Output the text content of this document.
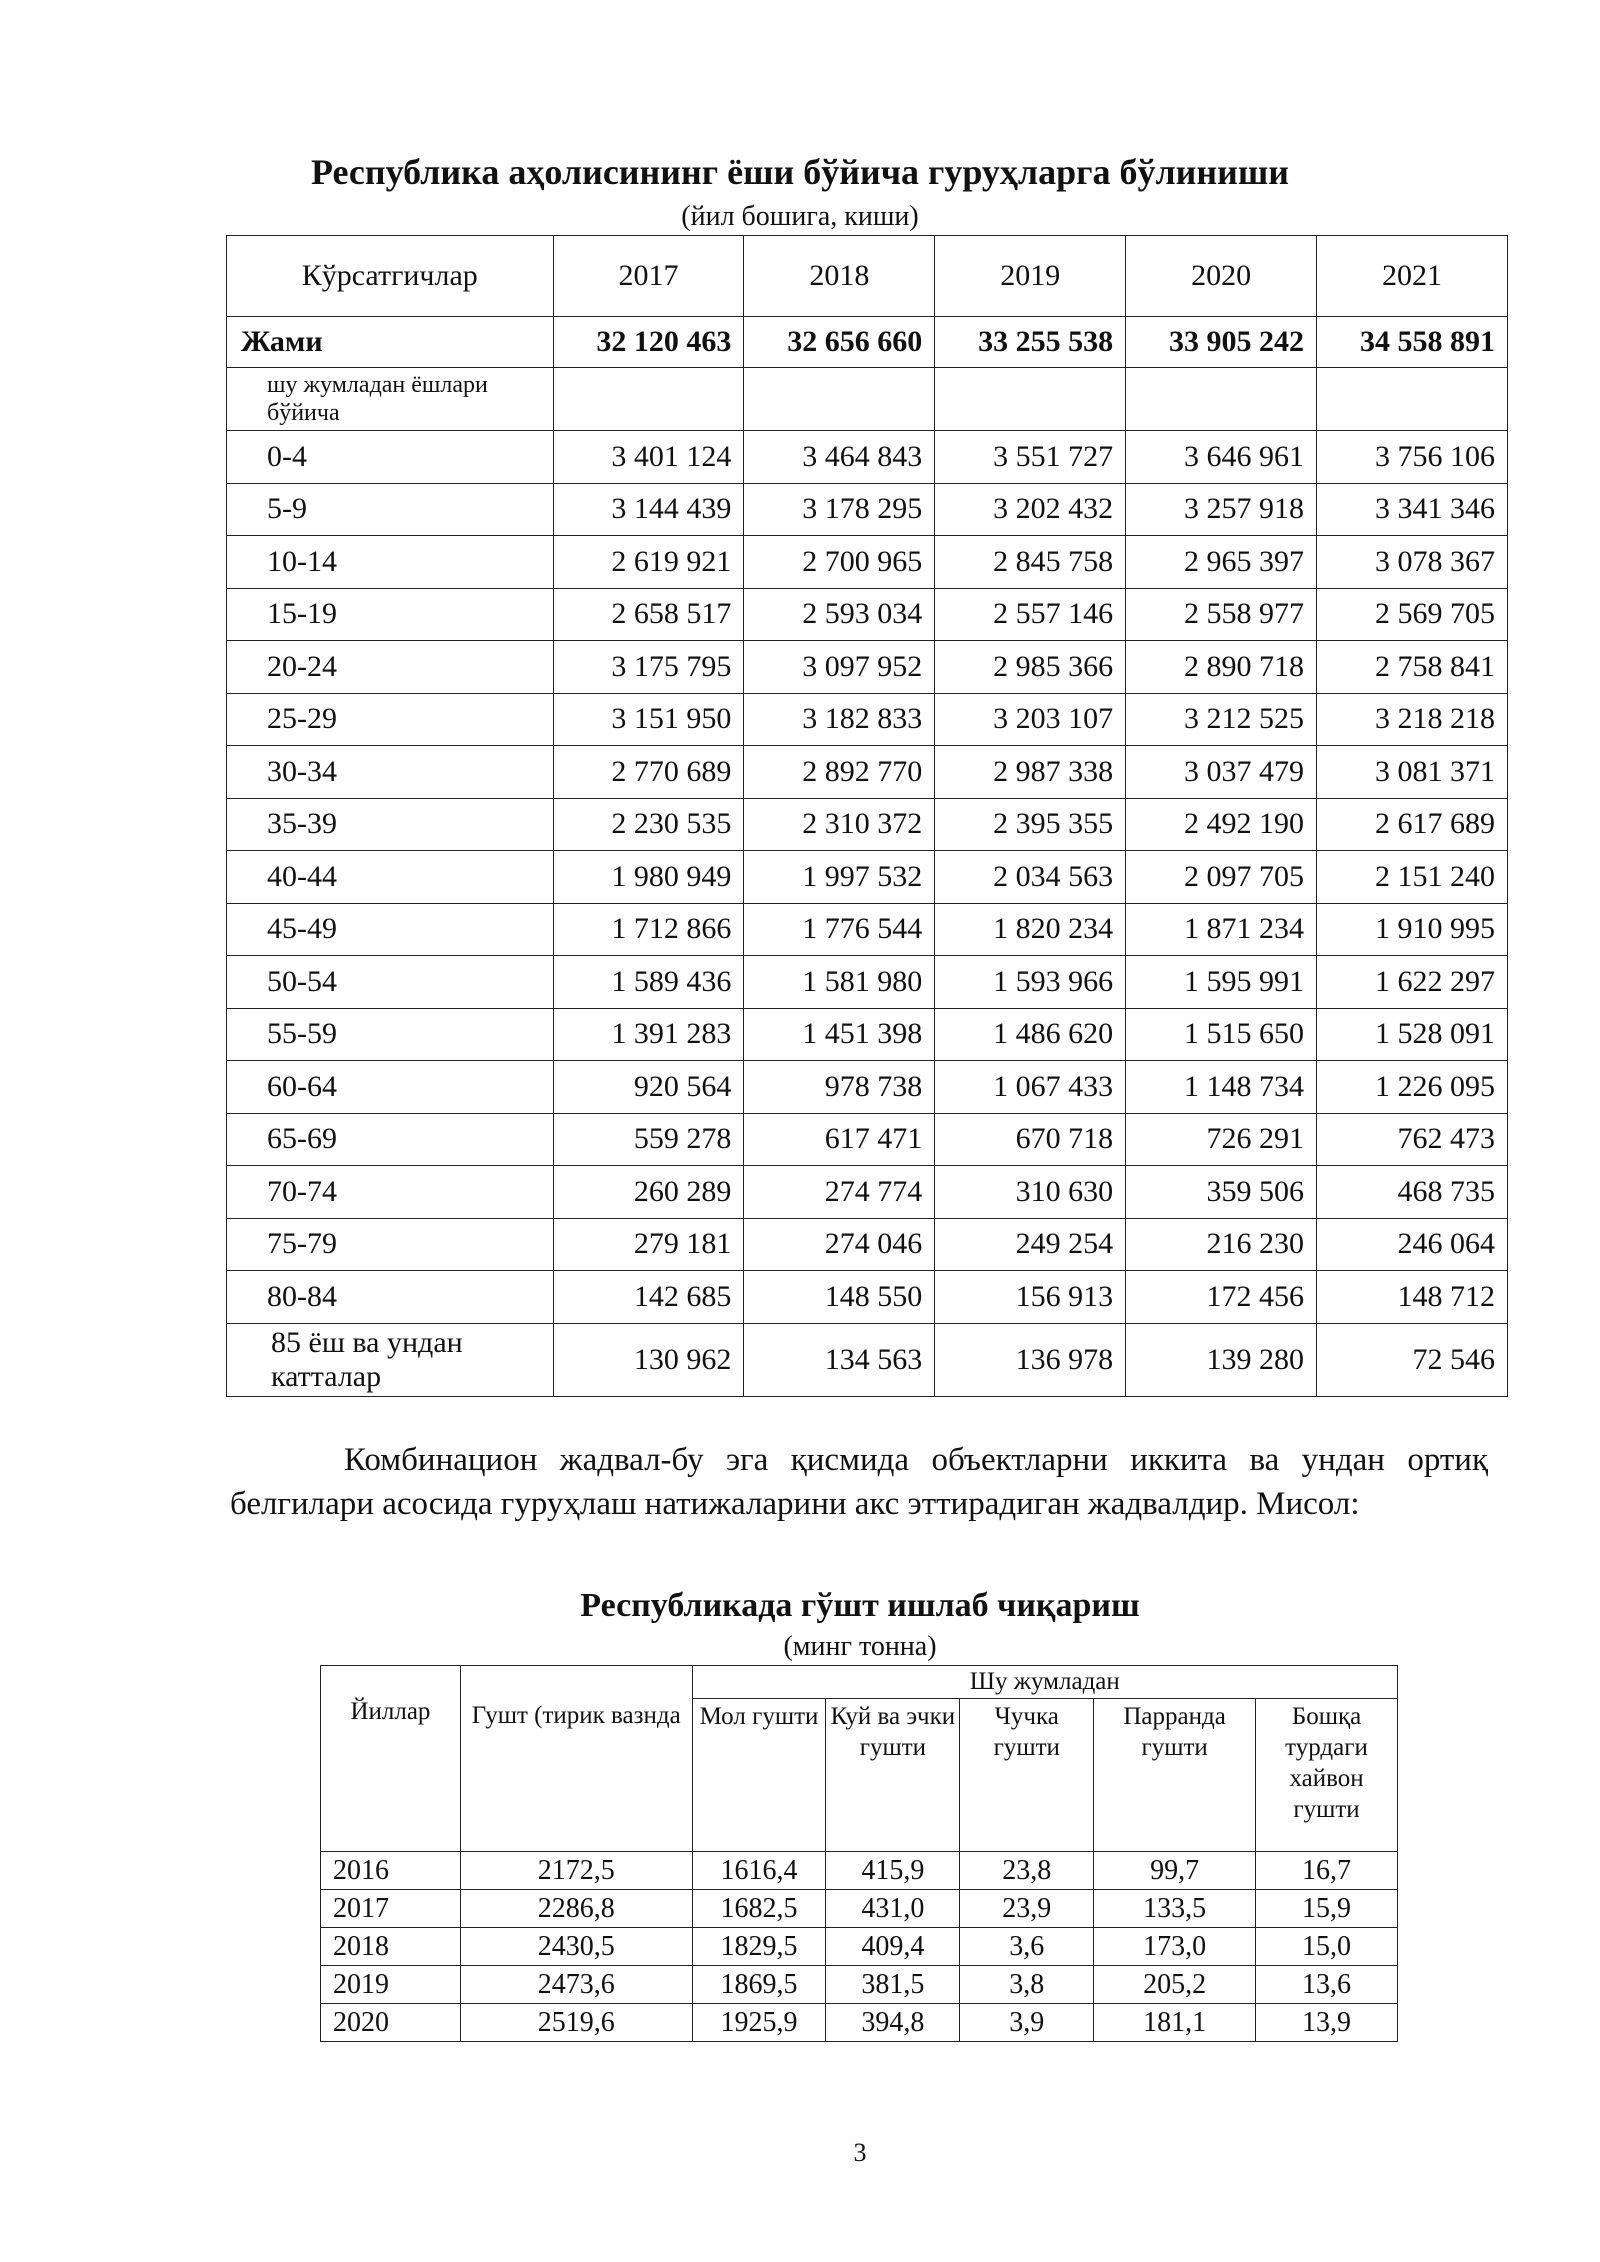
Республика аҳолисининг ёши бўйича гуруҳларга бўлиниши
(йил бошига, киши)
Кўрсатгичлар	2017	2018	2019	2020	2021
Жами	32 120 463	32 656 660	33 255 538	33 905 242	34 558 891
шу жумладан ёшлари бўйича					
0-4	3 401 124	3 464 843	3 551 727	3 646 961	3 756 106
5-9	3 144 439	3 178 295	3 202 432	3 257 918	3 341 346
10-14	2 619 921	2 700 965	2 845 758	2 965 397	3 078 367
15-19	2 658 517	2 593 034	2 557 146	2 558 977	2 569 705
20-24	3 175 795	3 097 952	2 985 366	2 890 718	2 758 841
25-29	3 151 950	3 182 833	3 203 107	3 212 525	3 218 218
30-34	2 770 689	2 892 770	2 987 338	3 037 479	3 081 371
35-39	2 230 535	2 310 372	2 395 355	2 492 190	2 617 689
40-44	1 980 949	1 997 532	2 034 563	2 097 705	2 151 240
45-49	1 712 866	1 776 544	1 820 234	1 871 234	1 910 995
50-54	1 589 436	1 581 980	1 593 966	1 595 991	1 622 297
55-59	1 391 283	1 451 398	1 486 620	1 515 650	1 528 091
60-64	920 564	978 738	1 067 433	1 148 734	1 226 095
65-69	559 278	617 471	670 718	726 291	762 473
70-74	260 289	274 774	310 630	359 506	468 735
75-79	279 181	274 046	249 254	216 230	246 064
80-84	142 685	148 550	156 913	172 456	148 712
85 ёш ва ундан катталар	130 962	134 563	136 978	139 280	72 546

Комбинацион жадвал-бу эга қисмида объектларни иккита ва ундан ортиқ белгилари асосида гуруҳлаш натижаларини акс эттирадиган жадвалдир. Мисол:

Республикада гўшт ишлаб чиқариш
(минг тонна)
Йиллар	Гушт (тирик вазнда	Шу жумладан				
		Мол гушти	Куй ва эчки гушти	Чучка гушти	Парранда гушти	Бошқа турдаги хайвон гушти
2016	2172,5	1616,4	415,9	23,8	99,7	16,7
2017	2286,8	1682,5	431,0	23,9	133,5	15,9
2018	2430,5	1829,5	409,4	3,6	173,0	15,0
2019	2473,6	1869,5	381,5	3,8	205,2	13,6
2020	2519,6	1925,9	394,8	3,9	181,1	13,9
3
